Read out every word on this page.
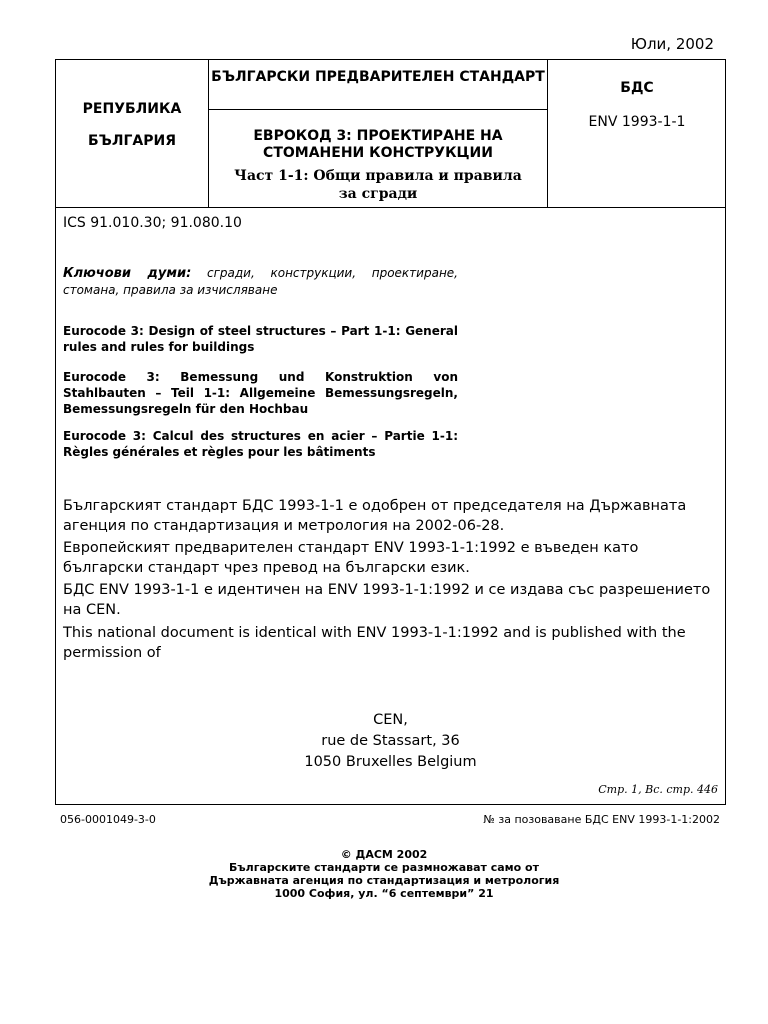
Юли, 2002
РЕПУБЛИКА
БЪЛГАРИЯ
БЪЛГАРСКИ ПРЕДВАРИТЕЛЕН СТАНДАРТ
ЕВРОКОД 3: ПРОЕКТИРАНЕ НА СТОМАНЕНИ КОНСТРУКЦИИ
Част 1-1: Общи правила и правила за сгради
БДС
ENV 1993-1-1
ICS 91.010.30; 91.080.10
Ключови думи: сгради, конструкции, проектиране, стомана, правила за изчисляване
Eurocode 3: Design of steel structures – Part 1-1: General rules and rules for buildings
Eurocode 3: Bemessung und Konstruktion von Stahlbauten – Teil 1-1: Allgemeine Bemessungsregeln, Bemessungsregeln für den Hochbau
Eurocode 3: Calcul des structures en acier – Partie 1-1: Règles générales et règles pour les bâtiments
Българският стандарт БДС 1993-1-1 е одобрен от председателя на Държавната агенция по стандартизация и метрология на 2002-06-28.
Европейският предварителен стандарт ENV 1993-1-1:1992 е въведен като български стандарт чрез превод на български език.
БДС ENV 1993-1-1 е идентичен на ENV 1993-1-1:1992 и се издава със разрешението на CEN.
This national document is identical with ENV 1993-1-1:1992 and is published with the permission of
CEN,
rue de Stassart, 36
1050 Bruxelles Belgium
Стр. 1, Вс. стр. 446
056-0001049-3-0	№ за позоваване БДС ENV 1993-1-1:2002
© ДАСМ 2002
Българските стандарти се размножават само от
Държавната агенция по стандартизация и метрология
1000 София, ул. “6 септември” 21
